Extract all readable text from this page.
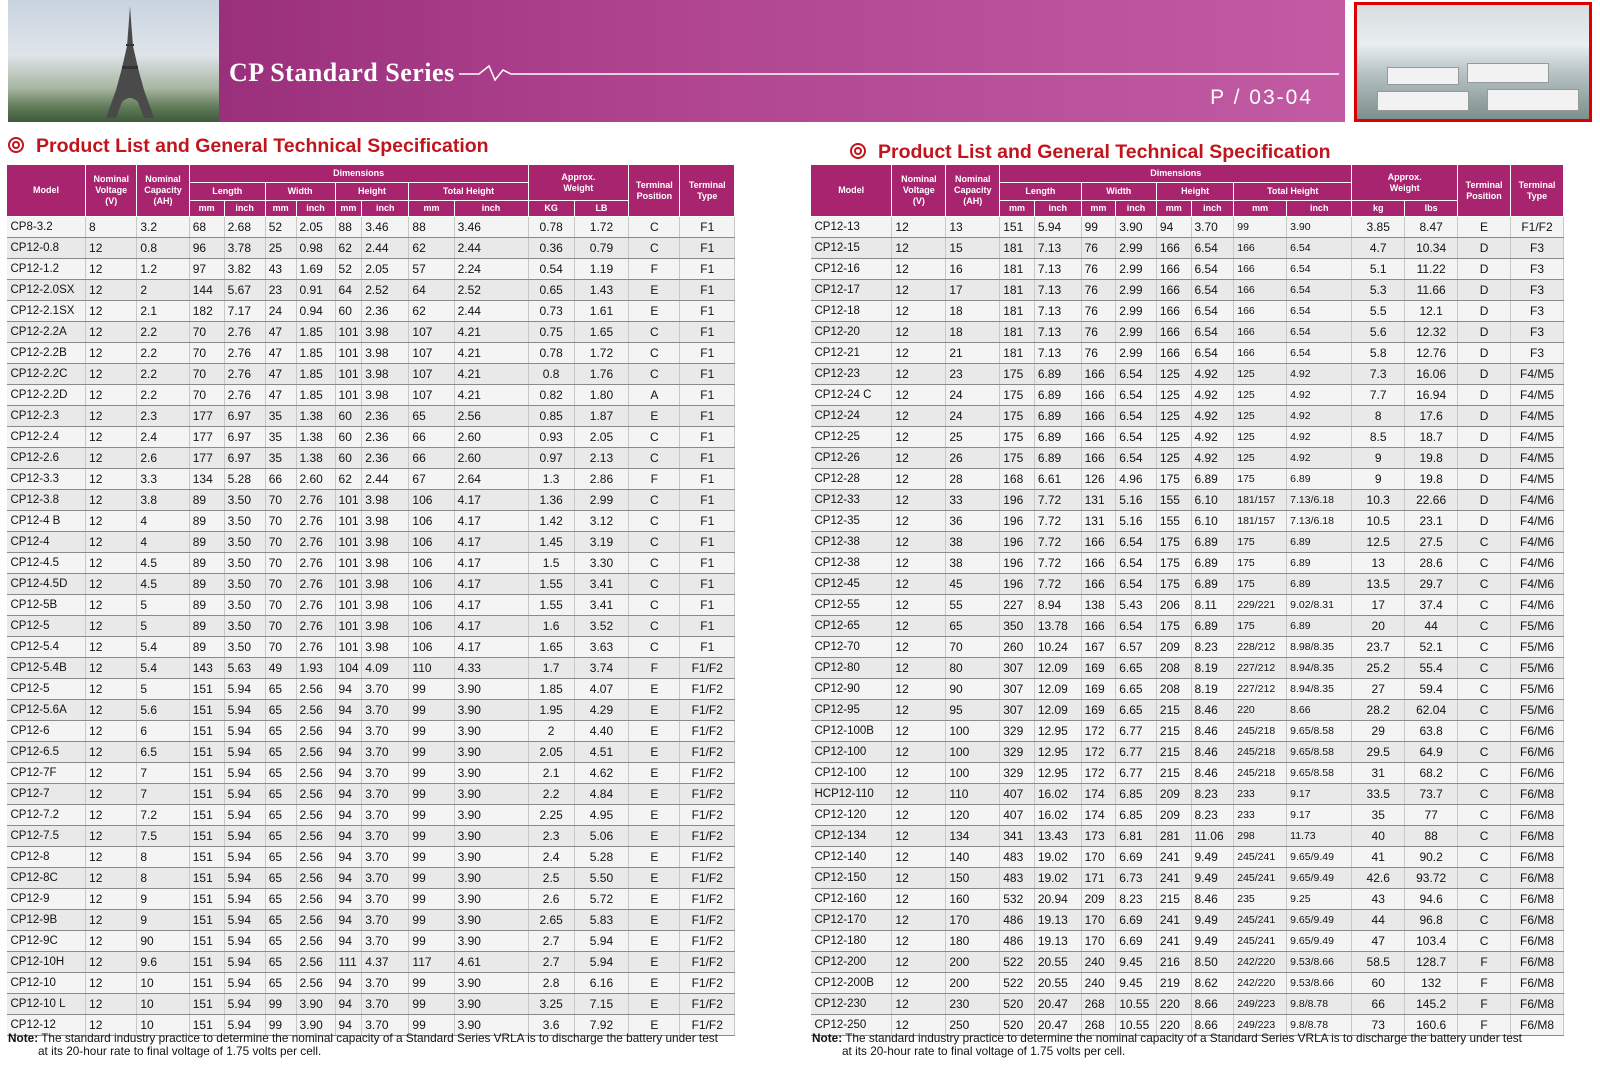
CP Standard Series
P / 03-04
Product List and General Technical Specification
Model	Nominal
Voltage
(V)	Nominal
Capacity
(AH)	Dimensions								Approx.
Weight		Terminal
Position	Terminal
Type
			Length		Width		Height		Total Height					
			mm	inch	mm	inch	mm	inch	mm	inch	KG	LB		
CP8-3.2	8	3.2	68	2.68	52	2.05	88	3.46	88	3.46	0.78	1.72	C	F1
CP12-0.8	12	0.8	96	3.78	25	0.98	62	2.44	62	2.44	0.36	0.79	C	F1
CP12-1.2	12	1.2	97	3.82	43	1.69	52	2.05	57	2.24	0.54	1.19	F	F1
CP12-2.0SX	12	2	144	5.67	23	0.91	64	2.52	64	2.52	0.65	1.43	E	F1
CP12-2.1SX	12	2.1	182	7.17	24	0.94	60	2.36	62	2.44	0.73	1.61	E	F1
CP12-2.2A	12	2.2	70	2.76	47	1.85	101	3.98	107	4.21	0.75	1.65	C	F1
CP12-2.2B	12	2.2	70	2.76	47	1.85	101	3.98	107	4.21	0.78	1.72	C	F1
CP12-2.2C	12	2.2	70	2.76	47	1.85	101	3.98	107	4.21	0.8	1.76	C	F1
CP12-2.2D	12	2.2	70	2.76	47	1.85	101	3.98	107	4.21	0.82	1.80	A	F1
CP12-2.3	12	2.3	177	6.97	35	1.38	60	2.36	65	2.56	0.85	1.87	E	F1
CP12-2.4	12	2.4	177	6.97	35	1.38	60	2.36	66	2.60	0.93	2.05	C	F1
CP12-2.6	12	2.6	177	6.97	35	1.38	60	2.36	66	2.60	0.97	2.13	C	F1
CP12-3.3	12	3.3	134	5.28	66	2.60	62	2.44	67	2.64	1.3	2.86	F	F1
CP12-3.8	12	3.8	89	3.50	70	2.76	101	3.98	106	4.17	1.36	2.99	C	F1
CP12-4 B	12	4	89	3.50	70	2.76	101	3.98	106	4.17	1.42	3.12	C	F1
CP12-4	12	4	89	3.50	70	2.76	101	3.98	106	4.17	1.45	3.19	C	F1
CP12-4.5	12	4.5	89	3.50	70	2.76	101	3.98	106	4.17	1.5	3.30	C	F1
CP12-4.5D	12	4.5	89	3.50	70	2.76	101	3.98	106	4.17	1.55	3.41	C	F1
CP12-5B	12	5	89	3.50	70	2.76	101	3.98	106	4.17	1.55	3.41	C	F1
CP12-5	12	5	89	3.50	70	2.76	101	3.98	106	4.17	1.6	3.52	C	F1
CP12-5.4	12	5.4	89	3.50	70	2.76	101	3.98	106	4.17	1.65	3.63	C	F1
CP12-5.4B	12	5.4	143	5.63	49	1.93	104	4.09	110	4.33	1.7	3.74	F	F1/F2
CP12-5	12	5	151	5.94	65	2.56	94	3.70	99	3.90	1.85	4.07	E	F1/F2
CP12-5.6A	12	5.6	151	5.94	65	2.56	94	3.70	99	3.90	1.95	4.29	E	F1/F2
CP12-6	12	6	151	5.94	65	2.56	94	3.70	99	3.90	2	4.40	E	F1/F2
CP12-6.5	12	6.5	151	5.94	65	2.56	94	3.70	99	3.90	2.05	4.51	E	F1/F2
CP12-7F	12	7	151	5.94	65	2.56	94	3.70	99	3.90	2.1	4.62	E	F1/F2
CP12-7	12	7	151	5.94	65	2.56	94	3.70	99	3.90	2.2	4.84	E	F1/F2
CP12-7.2	12	7.2	151	5.94	65	2.56	94	3.70	99	3.90	2.25	4.95	E	F1/F2
CP12-7.5	12	7.5	151	5.94	65	2.56	94	3.70	99	3.90	2.3	5.06	E	F1/F2
CP12-8	12	8	151	5.94	65	2.56	94	3.70	99	3.90	2.4	5.28	E	F1/F2
CP12-8C	12	8	151	5.94	65	2.56	94	3.70	99	3.90	2.5	5.50	E	F1/F2
CP12-9	12	9	151	5.94	65	2.56	94	3.70	99	3.90	2.6	5.72	E	F1/F2
CP12-9B	12	9	151	5.94	65	2.56	94	3.70	99	3.90	2.65	5.83	E	F1/F2
CP12-9C	12	90	151	5.94	65	2.56	94	3.70	99	3.90	2.7	5.94	E	F1/F2
CP12-10H	12	9.6	151	5.94	65	2.56	111	4.37	117	4.61	2.7	5.94	E	F1/F2
CP12-10	12	10	151	5.94	65	2.56	94	3.70	99	3.90	2.8	6.16	E	F1/F2
CP12-10 L	12	10	151	5.94	99	3.90	94	3.70	99	3.90	3.25	7.15	E	F1/F2
CP12-12	12	10	151	5.94	99	3.90	94	3.70	99	3.90	3.6	7.92	E	F1/F2
Note: The standard industry practice to determine the nominal capacity of a Standard Series VRLA is to discharge the battery under test
at its 20-hour rate to final voltage of 1.75 volts per cell.
Product List and General Technical Specification
Model	Nominal
Voltage
(V)	Nominal
Capacity
(AH)	Dimensions								Approx.
Weight		Terminal
Position	Terminal
Type
			Length		Width		Height		Total Height					
			mm	inch	mm	inch	mm	inch	mm	inch	kg	lbs		
CP12-13	12	13	151	5.94	99	3.90	94	3.70	99	3.90	3.85	8.47	E	F1/F2
CP12-15	12	15	181	7.13	76	2.99	166	6.54	166	6.54	4.7	10.34	D	F3
CP12-16	12	16	181	7.13	76	2.99	166	6.54	166	6.54	5.1	11.22	D	F3
CP12-17	12	17	181	7.13	76	2.99	166	6.54	166	6.54	5.3	11.66	D	F3
CP12-18	12	18	181	7.13	76	2.99	166	6.54	166	6.54	5.5	12.1	D	F3
CP12-20	12	18	181	7.13	76	2.99	166	6.54	166	6.54	5.6	12.32	D	F3
CP12-21	12	21	181	7.13	76	2.99	166	6.54	166	6.54	5.8	12.76	D	F3
CP12-23	12	23	175	6.89	166	6.54	125	4.92	125	4.92	7.3	16.06	D	F4/M5
CP12-24 C	12	24	175	6.89	166	6.54	125	4.92	125	4.92	7.7	16.94	D	F4/M5
CP12-24	12	24	175	6.89	166	6.54	125	4.92	125	4.92	8	17.6	D	F4/M5
CP12-25	12	25	175	6.89	166	6.54	125	4.92	125	4.92	8.5	18.7	D	F4/M5
CP12-26	12	26	175	6.89	166	6.54	125	4.92	125	4.92	9	19.8	D	F4/M5
CP12-28	12	28	168	6.61	126	4.96	175	6.89	175	6.89	9	19.8	D	F4/M5
CP12-33	12	33	196	7.72	131	5.16	155	6.10	181/157	7.13/6.18	10.3	22.66	D	F4/M6
CP12-35	12	36	196	7.72	131	5.16	155	6.10	181/157	7.13/6.18	10.5	23.1	D	F4/M6
CP12-38	12	38	196	7.72	166	6.54	175	6.89	175	6.89	12.5	27.5	C	F4/M6
CP12-38	12	38	196	7.72	166	6.54	175	6.89	175	6.89	13	28.6	C	F4/M6
CP12-45	12	45	196	7.72	166	6.54	175	6.89	175	6.89	13.5	29.7	C	F4/M6
CP12-55	12	55	227	8.94	138	5.43	206	8.11	229/221	9.02/8.31	17	37.4	C	F4/M6
CP12-65	12	65	350	13.78	166	6.54	175	6.89	175	6.89	20	44	C	F5/M6
CP12-70	12	70	260	10.24	167	6.57	209	8.23	228/212	8.98/8.35	23.7	52.1	C	F5/M6
CP12-80	12	80	307	12.09	169	6.65	208	8.19	227/212	8.94/8.35	25.2	55.4	C	F5/M6
CP12-90	12	90	307	12.09	169	6.65	208	8.19	227/212	8.94/8.35	27	59.4	C	F5/M6
CP12-95	12	95	307	12.09	169	6.65	215	8.46	220	8.66	28.2	62.04	C	F5/M6
CP12-100B	12	100	329	12.95	172	6.77	215	8.46	245/218	9.65/8.58	29	63.8	C	F6/M6
CP12-100	12	100	329	12.95	172	6.77	215	8.46	245/218	9.65/8.58	29.5	64.9	C	F6/M6
CP12-100	12	100	329	12.95	172	6.77	215	8.46	245/218	9.65/8.58	31	68.2	C	F6/M6
HCP12-110	12	110	407	16.02	174	6.85	209	8.23	233	9.17	33.5	73.7	C	F6/M8
CP12-120	12	120	407	16.02	174	6.85	209	8.23	233	9.17	35	77	C	F6/M8
CP12-134	12	134	341	13.43	173	6.81	281	11.06	298	11.73	40	88	C	F6/M8
CP12-140	12	140	483	19.02	170	6.69	241	9.49	245/241	9.65/9.49	41	90.2	C	F6/M8
CP12-150	12	150	483	19.02	171	6.73	241	9.49	245/241	9.65/9.49	42.6	93.72	C	F6/M8
CP12-160	12	160	532	20.94	209	8.23	215	8.46	235	9.25	43	94.6	C	F6/M8
CP12-170	12	170	486	19.13	170	6.69	241	9.49	245/241	9.65/9.49	44	96.8	C	F6/M8
CP12-180	12	180	486	19.13	170	6.69	241	9.49	245/241	9.65/9.49	47	103.4	C	F6/M8
CP12-200	12	200	522	20.55	240	9.45	216	8.50	242/220	9.53/8.66	58.5	128.7	F	F6/M8
CP12-200B	12	200	522	20.55	240	9.45	219	8.62	242/220	9.53/8.66	60	132	F	F6/M8
CP12-230	12	230	520	20.47	268	10.55	220	8.66	249/223	9.8/8.78	66	145.2	F	F6/M8
CP12-250	12	250	520	20.47	268	10.55	220	8.66	249/223	9.8/8.78	73	160.6	F	F6/M8
Note: The standard industry practice to determine the nominal capacity of a Standard Series VRLA is to discharge the battery under test
at its 20-hour rate to final voltage of 1.75 volts per cell.
